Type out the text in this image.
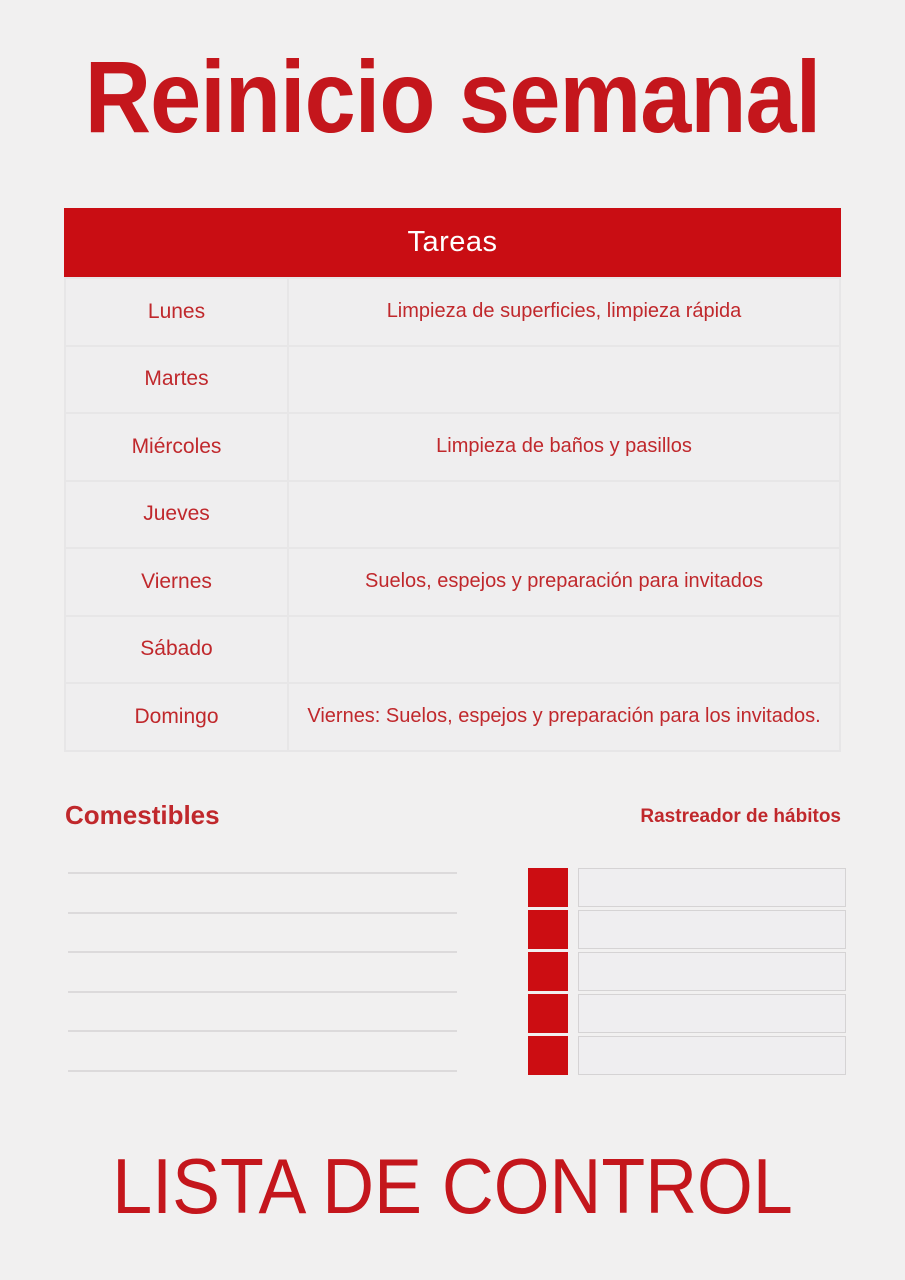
Reinicio semanal
Tareas
Lunes	Limpieza de superficies, limpieza rápida
Martes
Miércoles	Limpieza de baños y pasillos
Jueves
Viernes	Suelos, espejos y preparación para invitados
Sábado
Domingo	Viernes: Suelos, espejos y preparación para los invitados.
Comestibles	Rastreador de hábitos
LISTA DE CONTROL
